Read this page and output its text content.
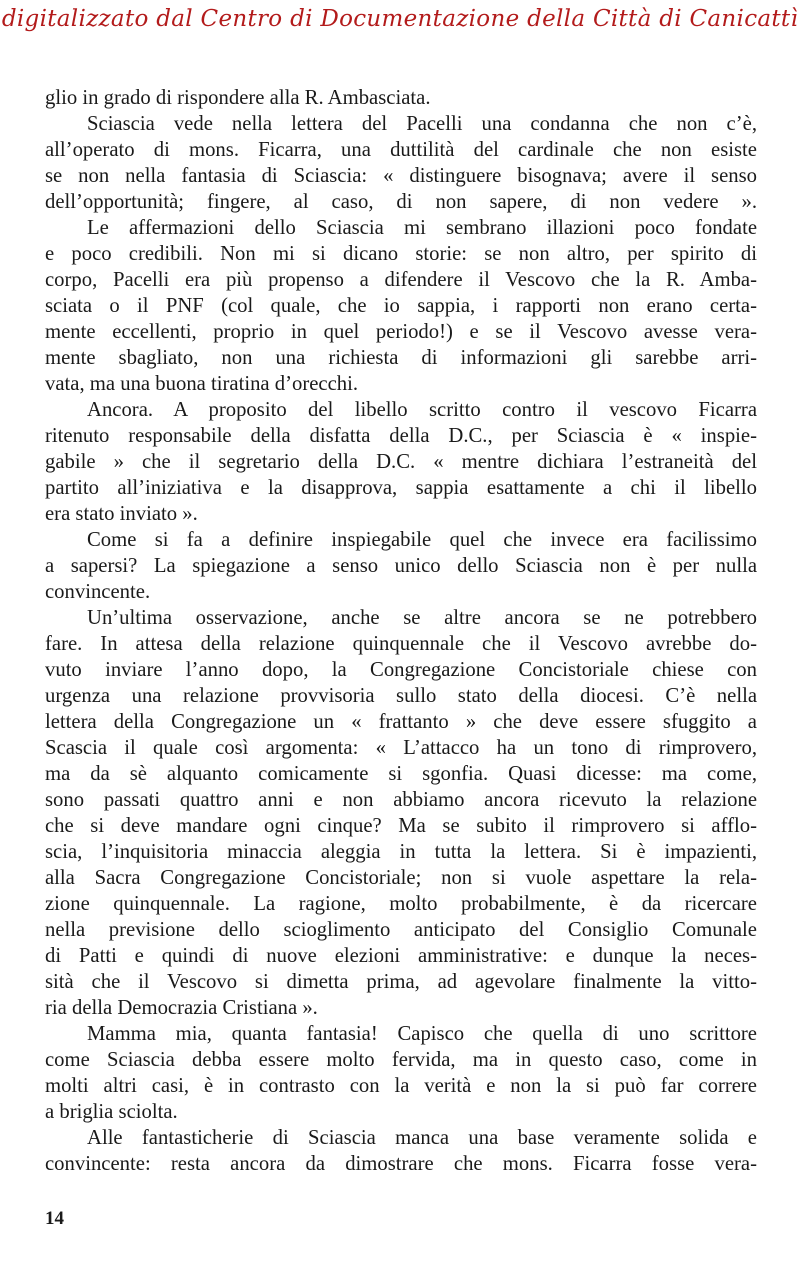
digitalizzato dal Centro di Documentazione della Città di Canicattì
glio in grado di rispondere alla R. Ambasciata.
Sciascia vede nella lettera del Pacelli una condanna che non c’è,
all’operato di mons. Ficarra, una duttilità del cardinale che non esiste
se non nella fantasia di Sciascia: « distinguere bisognava; avere il senso
dell’opportunità; fingere, al caso, di non sapere, di non vedere ».
Le affermazioni dello Sciascia mi sembrano illazioni poco fondate
e poco credibili. Non mi si dicano storie: se non altro, per spirito di
corpo, Pacelli era più propenso a difendere il Vescovo che la R. Amba-
sciata o il PNF (col quale, che io sappia, i rapporti non erano certa-
mente eccellenti, proprio in quel periodo!) e se il Vescovo avesse vera-
mente sbagliato, non una richiesta di informazioni gli sarebbe arri-
vata, ma una buona tiratina d’orecchi.
Ancora. A proposito del libello scritto contro il vescovo Ficarra
ritenuto responsabile della disfatta della D.C., per Sciascia è « inspie-
gabile » che il segretario della D.C. « mentre dichiara l’estraneità del
partito all’iniziativa e la disapprova, sappia esattamente a chi il libello
era stato inviato ».
Come si fa a definire inspiegabile quel che invece era facilissimo
a sapersi? La spiegazione a senso unico dello Sciascia non è per nulla
convincente.
Un’ultima osservazione, anche se altre ancora se ne potrebbero
fare. In attesa della relazione quinquennale che il Vescovo avrebbe do-
vuto inviare l’anno dopo, la Congregazione Concistoriale chiese con
urgenza una relazione provvisoria sullo stato della diocesi. C’è nella
lettera della Congregazione un « frattanto » che deve essere sfuggito a
Scascia il quale così argomenta: « L’attacco ha un tono di rimprovero,
ma da sè alquanto comicamente si sgonfia. Quasi dicesse: ma come,
sono passati quattro anni e non abbiamo ancora ricevuto la relazione
che si deve mandare ogni cinque? Ma se subito il rimprovero si afflo-
scia, l’inquisitoria minaccia aleggia in tutta la lettera. Si è impazienti,
alla Sacra Congregazione Concistoriale; non si vuole aspettare la rela-
zione quinquennale. La ragione, molto probabilmente, è da ricercare
nella previsione dello scioglimento anticipato del Consiglio Comunale
di Patti e quindi di nuove elezioni amministrative: e dunque la neces-
sità che il Vescovo si dimetta prima, ad agevolare finalmente la vitto-
ria della Democrazia Cristiana ».
Mamma mia, quanta fantasia! Capisco che quella di uno scrittore
come Sciascia debba essere molto fervida, ma in questo caso, come in
molti altri casi, è in contrasto con la verità e non la si può far correre
a briglia sciolta.
Alle fantasticherie di Sciascia manca una base veramente solida e
convincente: resta ancora da dimostrare che mons. Ficarra fosse vera-
14
